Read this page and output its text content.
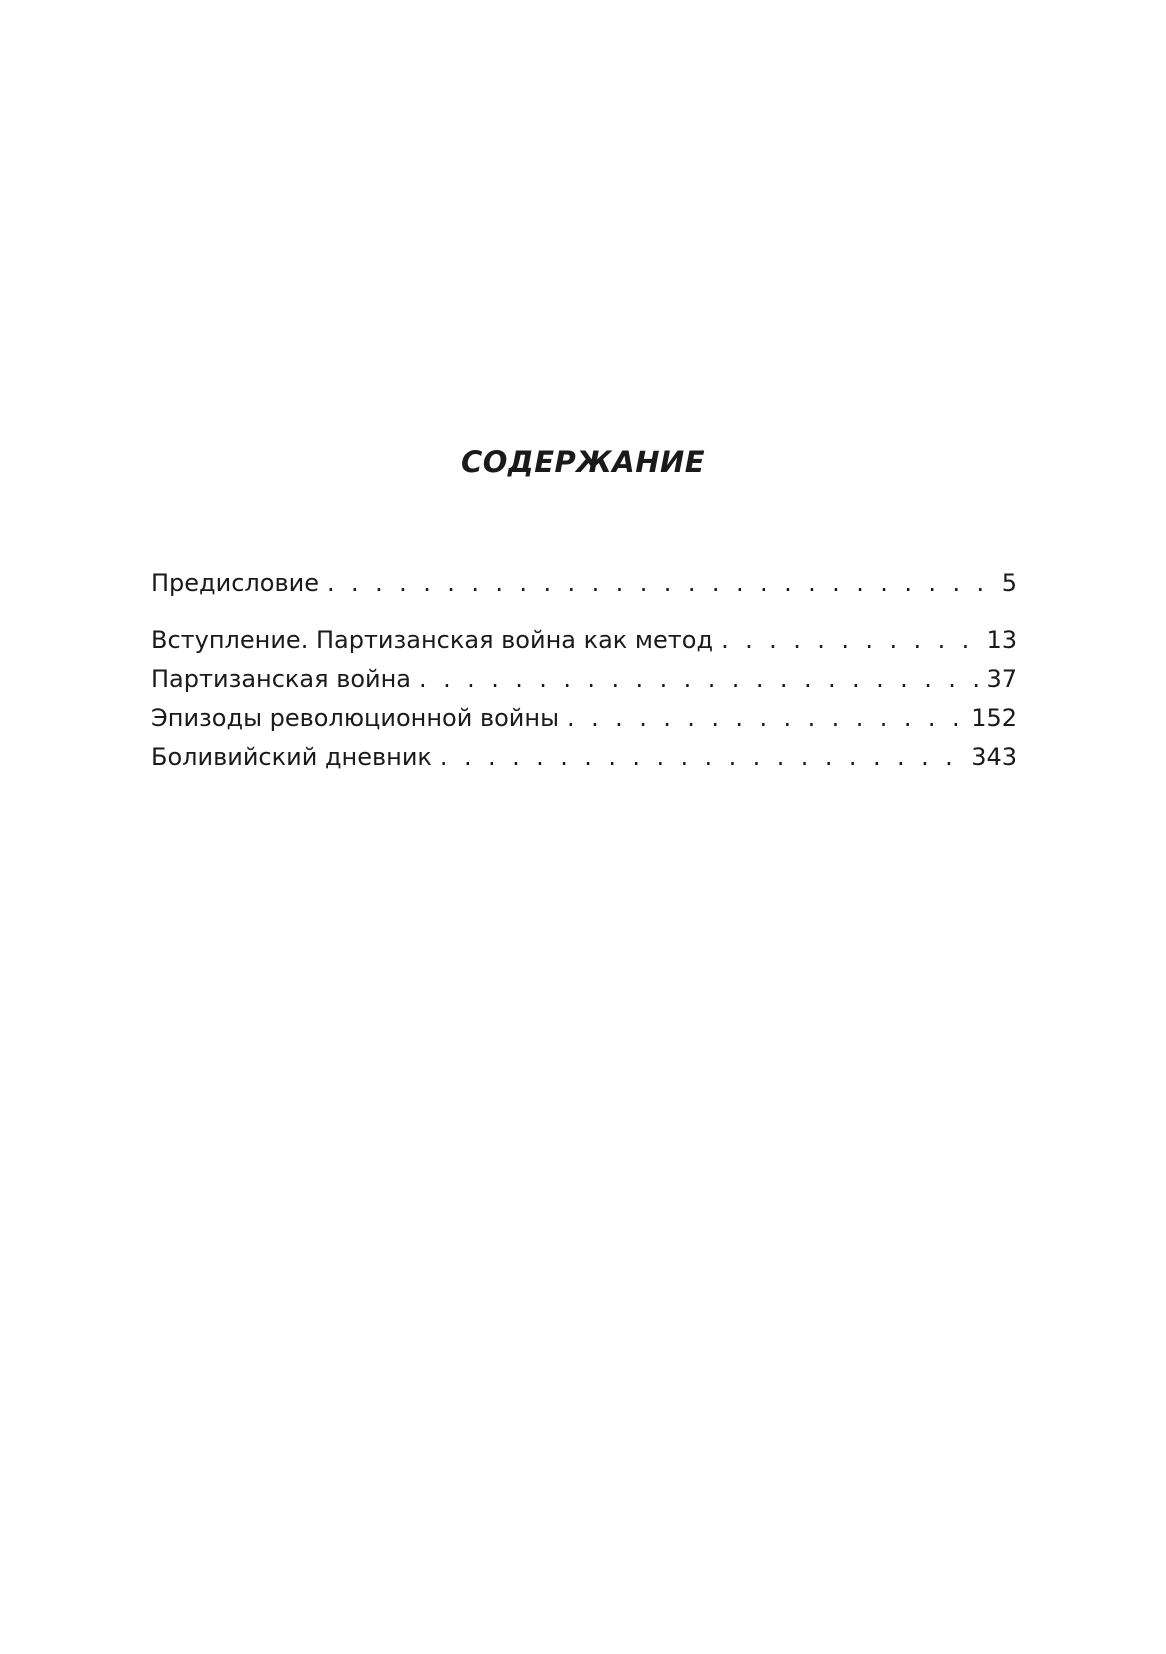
СОДЕРЖАНИЕ
Предисловие . . .	5
Вступление. Партизанская война как метод . . .	13
Партизанская война . . .	37
Эпизоды революционной войны . . .	152
Боливийский дневник . . .	343
